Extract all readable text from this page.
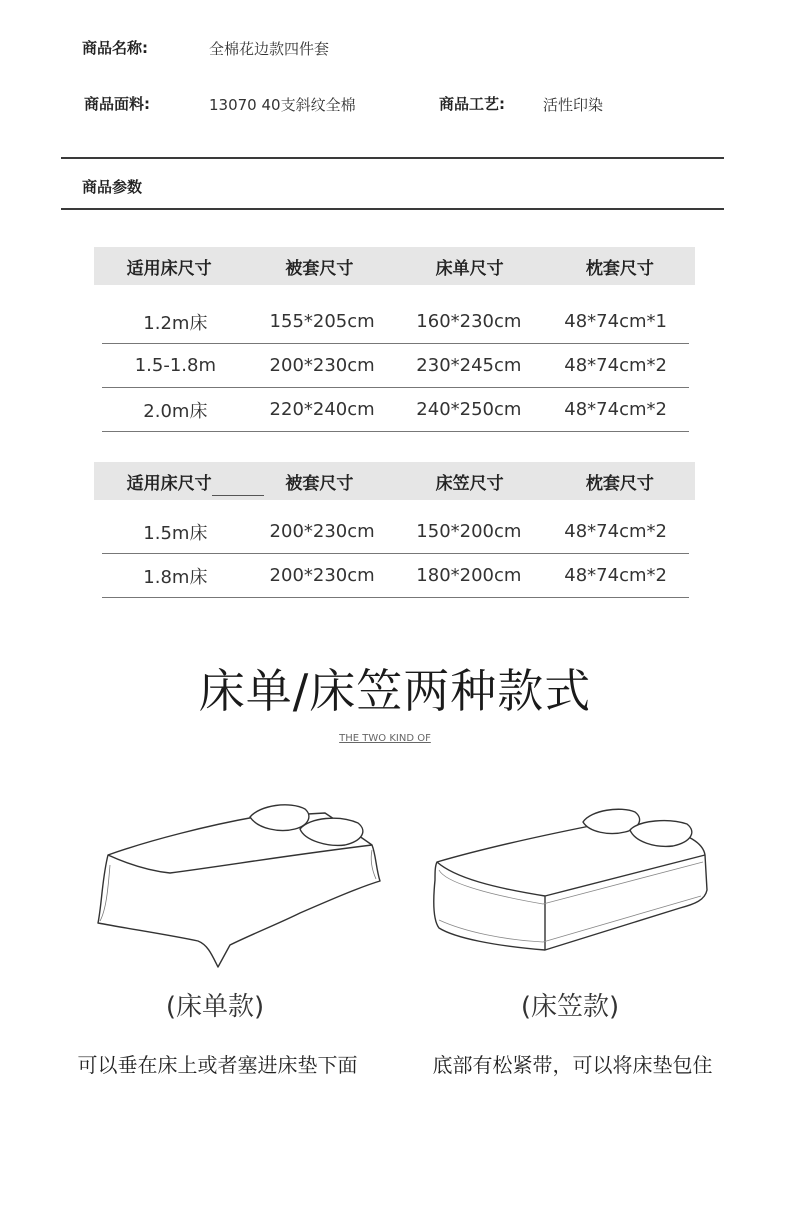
商品名称:	全棉花边款四件套
商品面料:	13070 40支斜纹全棉	商品工艺:	活性印染
商品参数
适用床尺寸	被套尺寸	床单尺寸	枕套尺寸
1.2m床	155*205cm	160*230cm	48*74cm*1
1.5-1.8m	200*230cm	230*245cm	48*74cm*2
2.0m床	220*240cm	240*250cm	48*74cm*2
适用床尺寸	被套尺寸	床笠尺寸	枕套尺寸
1.5m床	200*230cm	150*200cm	48*74cm*2
1.8m床	200*230cm	180*200cm	48*74cm*2
床单/床笠两种款式
THE TWO KIND OF
(床单款)	(床笠款)
可以垂在床上或者塞进床垫下面	底部有松紧带，可以将床垫包住
